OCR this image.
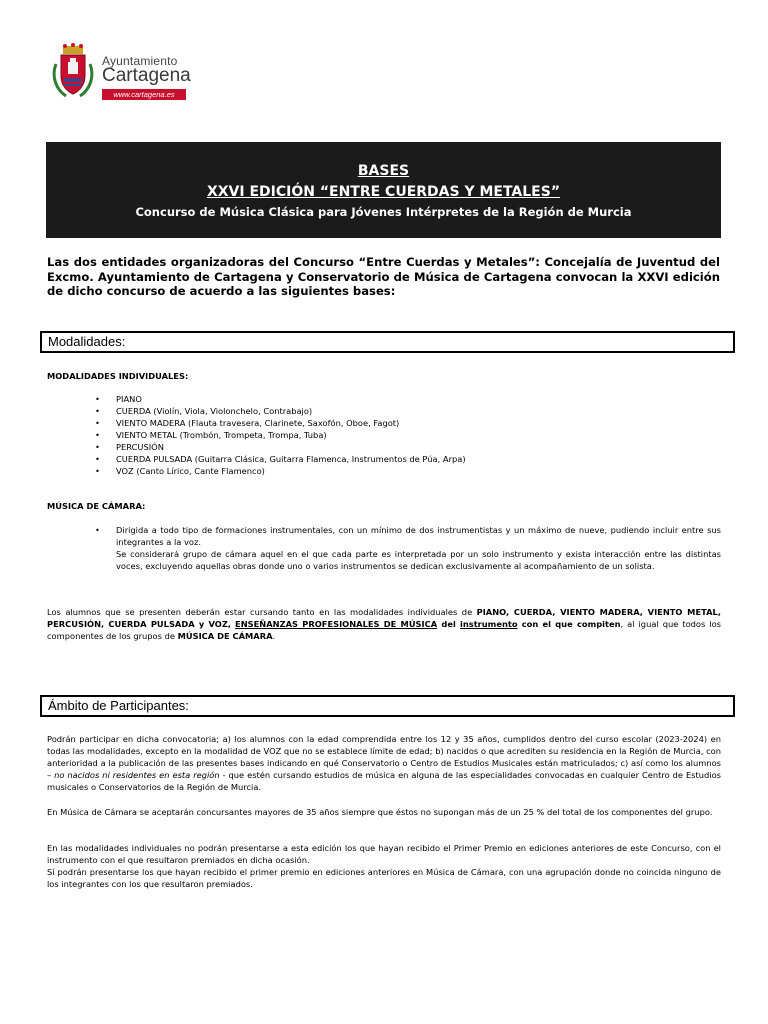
Ayuntamiento
Cartagena
www.cartagena.es
BASES
XXVI EDICIÓN “ENTRE CUERDAS Y METALES”
Concurso de Música Clásica para Jóvenes Intérpretes de la Región de Murcia
Las dos entidades organizadoras del Concurso “Entre Cuerdas y Metales”: Concejalía de Juventud del Excmo. Ayuntamiento de Cartagena y Conservatorio de Música de Cartagena convocan la XXVI edición de dicho concurso de acuerdo a las siguientes bases:
Modalidades:
MODALIDADES INDIVIDUALES:
• PIANO
• CUERDA (Violín, Viola, Violonchelo, Contrabajo)
• VIENTO MADERA (Flauta travesera, Clarinete, Saxofón, Oboe, Fagot)
• VIENTO METAL (Trombón, Trompeta, Trompa, Tuba)
• PERCUSIÓN
• CUERDA PULSADA (Guitarra Clásica, Guitarra Flamenca, Instrumentos de Púa, Arpa)
• VOZ (Canto Lírico, Cante Flamenco)
MÚSICA DE CÁMARA:
•	Dirigida a todo tipo de formaciones instrumentales, con un mínimo de dos instrumentistas y un máximo de nueve, pudiendo incluir entre sus integrantes a la voz.
Se considerará grupo de cámara aquel en el que cada parte es interpretada por un solo instrumento y exista interacción entre las distintas voces, excluyendo aquellas obras donde uno o varios instrumentos se dedican exclusivamente al acompañamiento de un solista.
Los alumnos que se presenten deberán estar cursando tanto en las modalidades individuales de PIANO, CUERDA, VIENTO MADERA, VIENTO METAL, PERCUSIÓN, CUERDA PULSADA y VOZ, ENSEÑANZAS PROFESIONALES DE MÚSICA del instrumento con el que compiten, al igual que todos los componentes de los grupos de MÚSICA DE CÁMARA.
Ámbito de Participantes:
Podrán participar en dicha convocatoria; a) los alumnos con la edad comprendida entre los 12 y 35 años, cumplidos dentro del curso escolar (2023-2024) en todas las modalidades, excepto en la modalidad de VOZ que no se establece límite de edad; b) nacidos o que acrediten su residencia en la Región de Murcia, con anterioridad a la publicación de las presentes bases indicando en qué Conservatorio o Centro de Estudios Musicales están matriculados; c) así como los alumnos – no nacidos ni residentes en esta región - que estén cursando estudios de música en alguna de las especialidades convocadas en cualquier Centro de Estudios musicales o Conservatorios de la Región de Murcia.
En Música de Cámara se aceptarán concursantes mayores de 35 años siempre que éstos no supongan más de un 25 % del total de los componentes del grupo.
En las modalidades individuales no podrán presentarse a esta edición los que hayan recibido el Primer Premio en ediciones anteriores de este Concurso, con el instrumento con el que resultaron premiados en dicha ocasión.
Sí podrán presentarse los que hayan recibido el primer premio en ediciones anteriores en Música de Cámara, con una agrupación donde no coincida ninguno de los integrantes con los que resultaron premiados.
